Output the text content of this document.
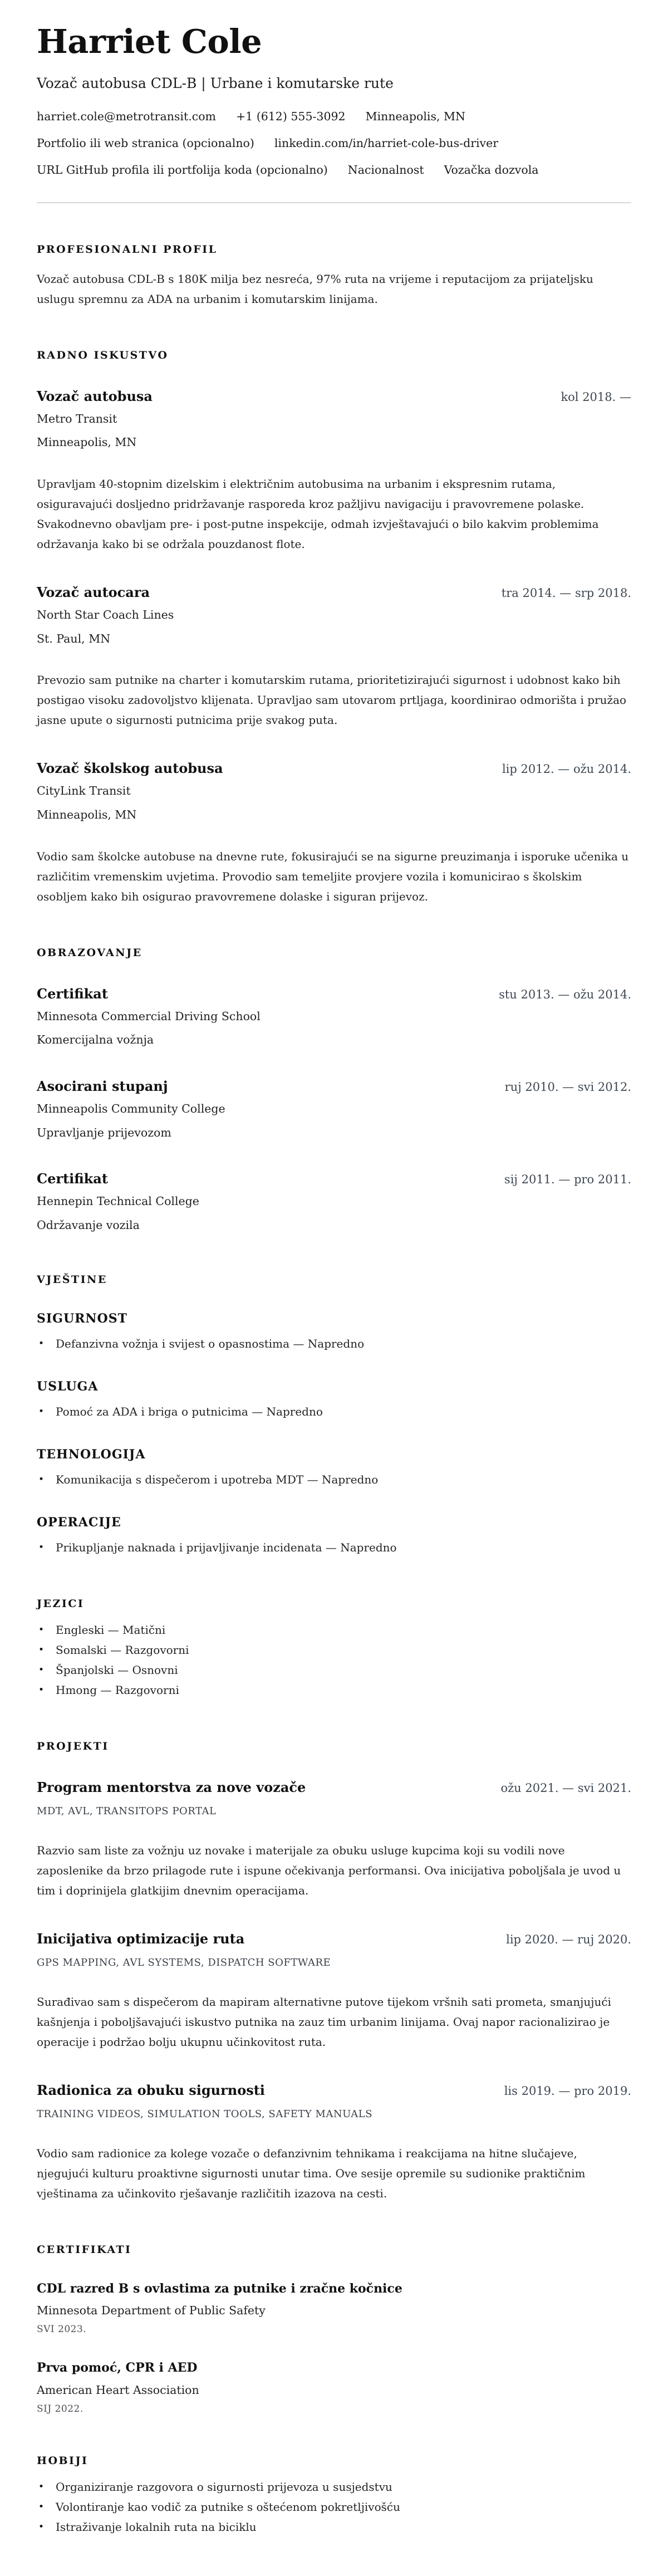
Harriet Cole

Vozač autobusa CDL-B | Urbane i komutarske rute

harriet.cole@metrotransit.com +1 (612) 555-3092 Minneapolis, MN
Portfolio ili web stranica (opcionalno) linkedin.com/in/harriet-cole-bus-driver
URL GitHub profila ili portfolija koda (opcionalno) Nacionalnost Vozačka dozvola
PROFESIONALNI PROFIL

Vozač autobusa CDL-B s 180K milja bez nesreća, 97% ruta na vrijeme i reputacijom za prijateljsku uslugu spremnu za ADA na urbanim i komutarskim linijama.

RADNO ISKUSTVO
Vozač autobusa	kol 2018. —

Metro Transit

Minneapolis, MN

Upravljam 40-stopnim dizelskim i električnim autobusima na urbanim i ekspresnim rutama, osiguravajući dosljedno pridržavanje rasporeda kroz pažljivu navigaciju i pravovremene polaske. Svakodnevno obavljam pre- i post-putne inspekcije, odmah izvještavajući o bilo kakvim problemima održavanja kako bi se održala pouzdanost flote.

Vozač autocara	tra 2014. — srp 2018.

North Star Coach Lines

St. Paul, MN

Prevozio sam putnike na charter i komutarskim rutama, prioritetizirajući sigurnost i udobnost kako bih postigao visoku zadovoljstvo klijenata. Upravljao sam utovarom prtljaga, koordinirao odmorišta i pružao jasne upute o sigurnosti putnicima prije svakog puta.

Vozač školskog autobusa	lip 2012. — ožu 2014.

CityLink Transit

Minneapolis, MN

Vodio sam školcke autobuse na dnevne rute, fokusirajući se na sigurne preuzimanja i isporuke učenika u različitim vremenskim uvjetima. Provodio sam temeljite provjere vozila i komunicirao s školskim osobljem kako bih osigurao pravovremene dolaske i siguran prijevoz.

OBRAZOVANJE
Certifikat	stu 2013. — ožu 2014.

Minnesota Commercial Driving School

Komercijalna vožnja

Asocirani stupanj	ruj 2010. — svi 2012.

Minneapolis Community College

Upravljanje prijevozom

Certifikat	sij 2011. — pro 2011.

Hennepin Technical College

Održavanje vozila

VJEŠTINE
SIGURNOST
• Defanzivna vožnja i svijest o opasnostima — Napredno
USLUGA
• Pomoć za ADA i briga o putnicima — Napredno
TEHNOLOGIJA
• Komunikacija s dispečerom i upotreba MDT — Napredno
OPERACIJE
• Prikupljanje naknada i prijavljivanje incidenata — Napredno
JEZICI
• Engleski — Matični
• Somalski — Razgovorni
• Španjolski — Osnovni
• Hmong — Razgovorni
PROJEKTI
Program mentorstva za nove vozače	ožu 2021. — svi 2021.

MDT, AVL, TRANSITOPS PORTAL

Razvio sam liste za vožnju uz novake i materijale za obuku usluge kupcima koji su vodili nove zaposlenike da brzo prilagode rute i ispune očekivanja performansi. Ova inicijativa poboljšala je uvod u tim i doprinijela glatkijim dnevnim operacijama.

Inicijativa optimizacije ruta	lip 2020. — ruj 2020.

GPS MAPPING, AVL SYSTEMS, DISPATCH SOFTWARE

Surađivao sam s dispečerom da mapiram alternativne putove tijekom vršnih sati prometa, smanjujući kašnjenja i poboljšavajući iskustvo putnika na zauz tim urbanim linijama. Ovaj napor racionalizirao je operacije i podržao bolju ukupnu učinkovitost ruta.

Radionica za obuku sigurnosti	lis 2019. — pro 2019.

TRAINING VIDEOS, SIMULATION TOOLS, SAFETY MANUALS

Vodio sam radionice za kolege vozače o defanzivnim tehnikama i reakcijama na hitne slučajeve, njegujući kulturu proaktivne sigurnosti unutar tima. Ove sesije opremile su sudionike praktičnim vještinama za učinkovito rješavanje različitih izazova na cesti.

CERTIFIKATI
CDL razred B s ovlastima za putnike i zračne kočnice

Minnesota Department of Public Safety

SVI 2023.

Prva pomoć, CPR i AED

American Heart Association

SIJ 2022.

HOBIJI
• Organiziranje razgovora o sigurnosti prijevoza u susjedstvu
• Volontiranje kao vodič za putnike s oštećenom pokretljivošću
• Istraživanje lokalnih ruta na biciklu
